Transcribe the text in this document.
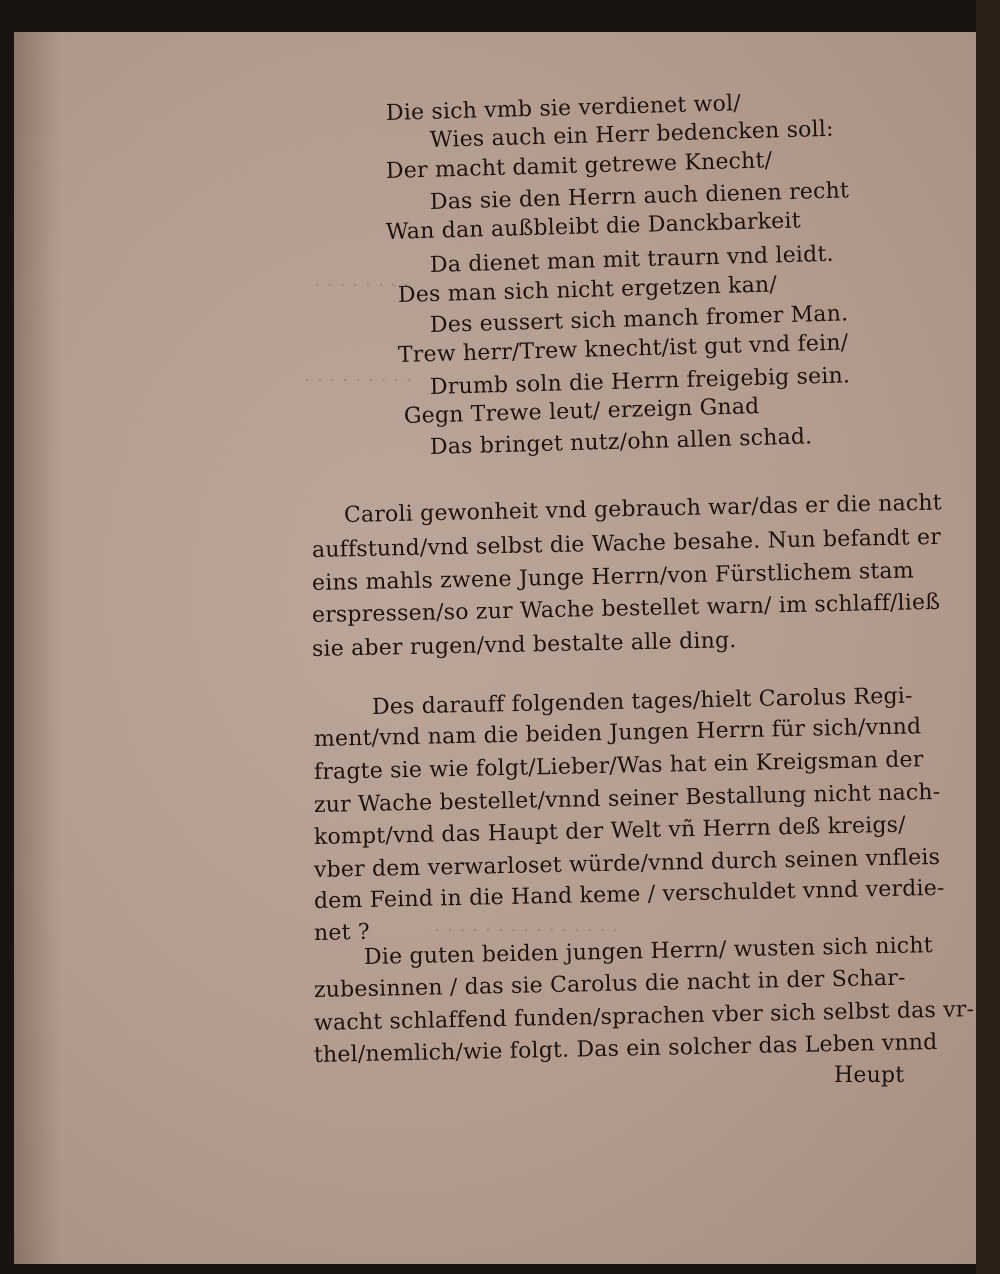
. . . . . . . .
. . . . . . . . .
. . . . . . . . . . . . . . .

Die sich vmb sie verdienet wol/

Wies auch ein Herr bedencken soll:

Der macht damit getrewe Knecht/

Das sie den Herrn auch dienen recht

Wan dan außbleibt die Danckbarkeit

Da dienet man mit traurn vnd leidt.

Des man sich nicht ergetzen kan/

Des eussert sich manch fromer Man.

Trew herr/Trew knecht/ist gut vnd fein/

Drumb soln die Herrn freigebig sein.

Gegn Trewe leut/ erzeign Gnad

Das bringet nutz/ohn allen schad.

Caroli gewonheit vnd gebrauch war/das er die nacht

auffstund/vnd selbst die Wache besahe. Nun befandt er

eins mahls zwene Junge Herrn/von Fürstlichem stam

erspressen/so zur Wache bestellet warn/ im schlaff/ließ

sie aber rugen/vnd bestalte alle ding.

Des darauff folgenden tages/hielt Carolus Regi-

ment/vnd nam die beiden Jungen Herrn für sich/vnnd

fragte sie wie folgt/Lieber/Was hat ein Kreigsman der

zur Wache bestellet/vnnd seiner Bestallung nicht nach-

kompt/vnd das Haupt der Welt vñ Herrn deß kreigs/

vber dem verwarloset würde/vnnd durch seinen vnfleis

dem Feind in die Hand keme / verschuldet vnnd verdie-

net ?

Die guten beiden jungen Herrn/ wusten sich nicht

zubesinnen / das sie Carolus die nacht in der Schar-

wacht schlaffend funden/sprachen vber sich selbst das vr-

thel/nemlich/wie folgt. Das ein solcher das Leben vnnd

Heupt
